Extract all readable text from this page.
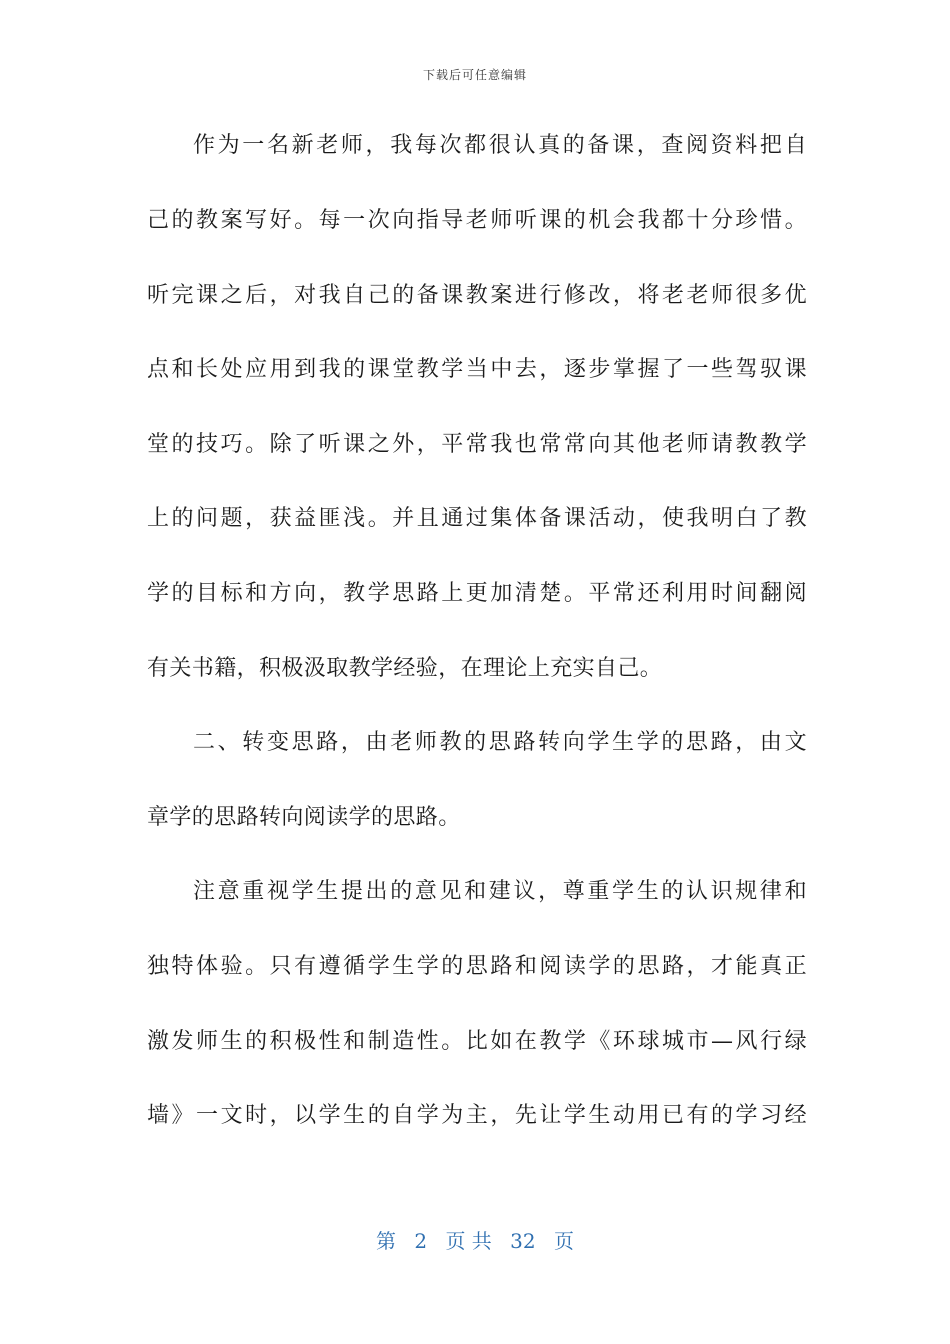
下载后可任意编辑
作为一名新老师，我每次都很认真的备课，查阅资料把自
己的教案写好。每一次向指导老师听课的机会我都十分珍惜。
听完课之后，对我自己的备课教案进行修改，将老老师很多优
点和长处应用到我的课堂教学当中去，逐步掌握了一些驾驭课
堂的技巧。除了听课之外，平常我也常常向其他老师请教教学
上的问题，获益匪浅。并且通过集体备课活动，使我明白了教
学的目标和方向，教学思路上更加清楚。平常还利用时间翻阅
有关书籍，积极汲取教学经验，在理论上充实自己。
二、转变思路，由老师教的思路转向学生学的思路，由文
章学的思路转向阅读学的思路。
注意重视学生提出的意见和建议，尊重学生的认识规律和
独特体验。只有遵循学生学的思路和阅读学的思路，才能真正
激发师生的积极性和制造性。比如在教学《环球城市—风行绿
墙》一文时，以学生的自学为主，先让学生动用已有的学习经
第 2 页 共 32 页
